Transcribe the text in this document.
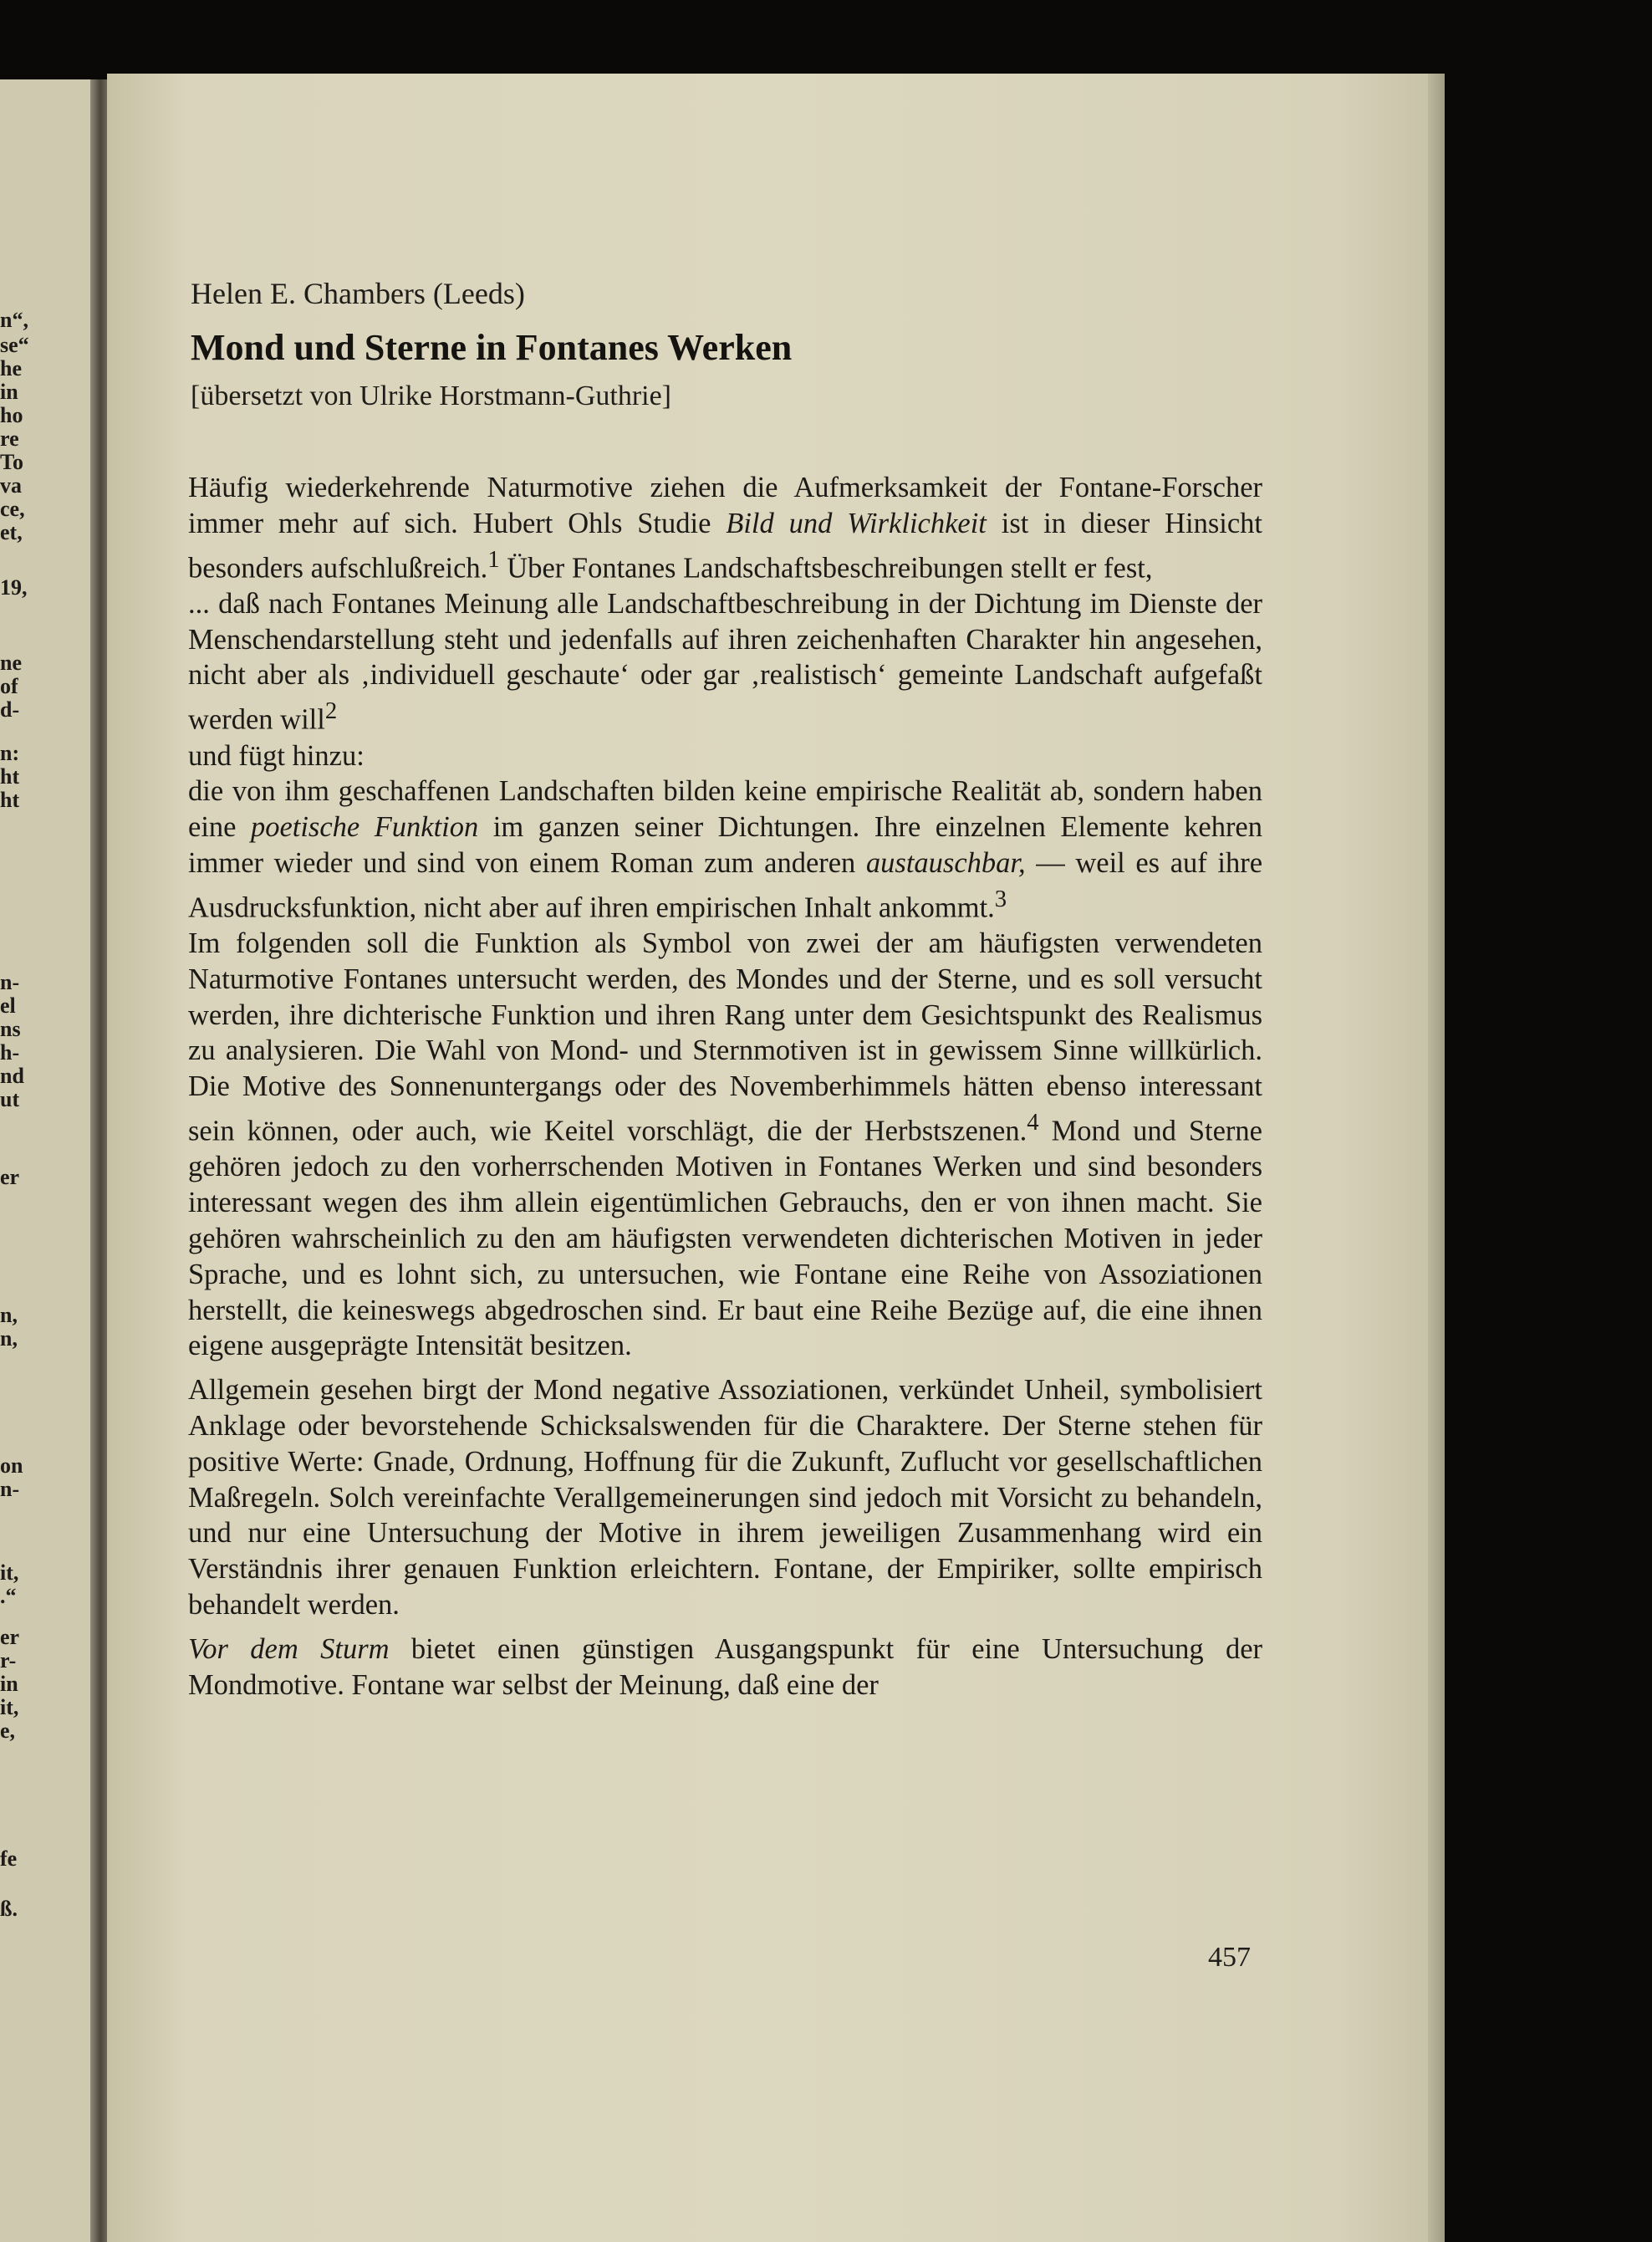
n“,
se“
he
in
ho
re
To
va
ce,
et,
19,
ne
of
d-
n:
ht
ht
n-
el
ns
h-
nd
ut
er
n,
n,
on
n-
it,
.“
er
r-
in
it,
e,
fe
ß.
Helen E. Chambers (Leeds)
Mond und Sterne in Fontanes Werken
[übersetzt von Ulrike Horstmann-Guthrie]

Häufig wiederkehrende Naturmotive ziehen die Aufmerksamkeit der Fontane-Forscher immer mehr auf sich. Hubert Ohls Studie Bild und Wirklichkeit ist in dieser Hinsicht besonders aufschlußreich.$^1$ Über Fontanes Landschaftsbeschreibungen stellt er fest,

... daß nach Fontanes Meinung alle Landschaftbeschreibung in der Dichtung im Dienste der Menschendarstellung steht und jedenfalls auf ihren zeichenhaften Charakter hin angesehen, nicht aber als ‚individuell geschaute‘ oder gar ‚realistisch‘ gemeinte Landschaft aufgefaßt werden will$^2$

und fügt hinzu:

die von ihm geschaffenen Landschaften bilden keine empirische Realität ab, sondern haben eine poetische Funktion im ganzen seiner Dichtungen. Ihre einzelnen Elemente kehren immer wieder und sind von einem Roman zum anderen austauschbar, — weil es auf ihre Ausdrucksfunktion, nicht aber auf ihren empirischen Inhalt ankommt.$^3$

Im folgenden soll die Funktion als Symbol von zwei der am häufigsten verwendeten Naturmotive Fontanes untersucht werden, des Mondes und der Sterne, und es soll versucht werden, ihre dichterische Funktion und ihren Rang unter dem Gesichtspunkt des Realismus zu analysieren. Die Wahl von Mond- und Sternmotiven ist in gewissem Sinne willkürlich. Die Motive des Sonnenuntergangs oder des Novemberhimmels hätten ebenso interessant sein können, oder auch, wie Keitel vorschlägt, die der Herbstszenen.$^4$ Mond und Sterne gehören jedoch zu den vorherrschenden Motiven in Fontanes Werken und sind besonders interessant wegen des ihm allein eigentümlichen Gebrauchs, den er von ihnen macht. Sie gehören wahrscheinlich zu den am häufigsten verwendeten dichterischen Motiven in jeder Sprache, und es lohnt sich, zu untersuchen, wie Fontane eine Reihe von Assoziationen herstellt, die keineswegs abgedroschen sind. Er baut eine Reihe Bezüge auf, die eine ihnen eigene ausgeprägte Intensität besitzen.

Allgemein gesehen birgt der Mond negative Assoziationen, verkündet Unheil, symbolisiert Anklage oder bevorstehende Schicksalswenden für die Charaktere. Der Sterne stehen für positive Werte: Gnade, Ordnung, Hoffnung für die Zukunft, Zuflucht vor gesellschaftlichen Maßregeln. Solch vereinfachte Verallgemeinerungen sind jedoch mit Vorsicht zu behandeln, und nur eine Untersuchung der Motive in ihrem jeweiligen Zusammenhang wird ein Verständnis ihrer genauen Funktion erleichtern. Fontane, der Empiriker, sollte empirisch behandelt werden.

Vor dem Sturm bietet einen günstigen Ausgangspunkt für eine Untersuchung der Mondmotive. Fontane war selbst der Meinung, daß eine der

457
